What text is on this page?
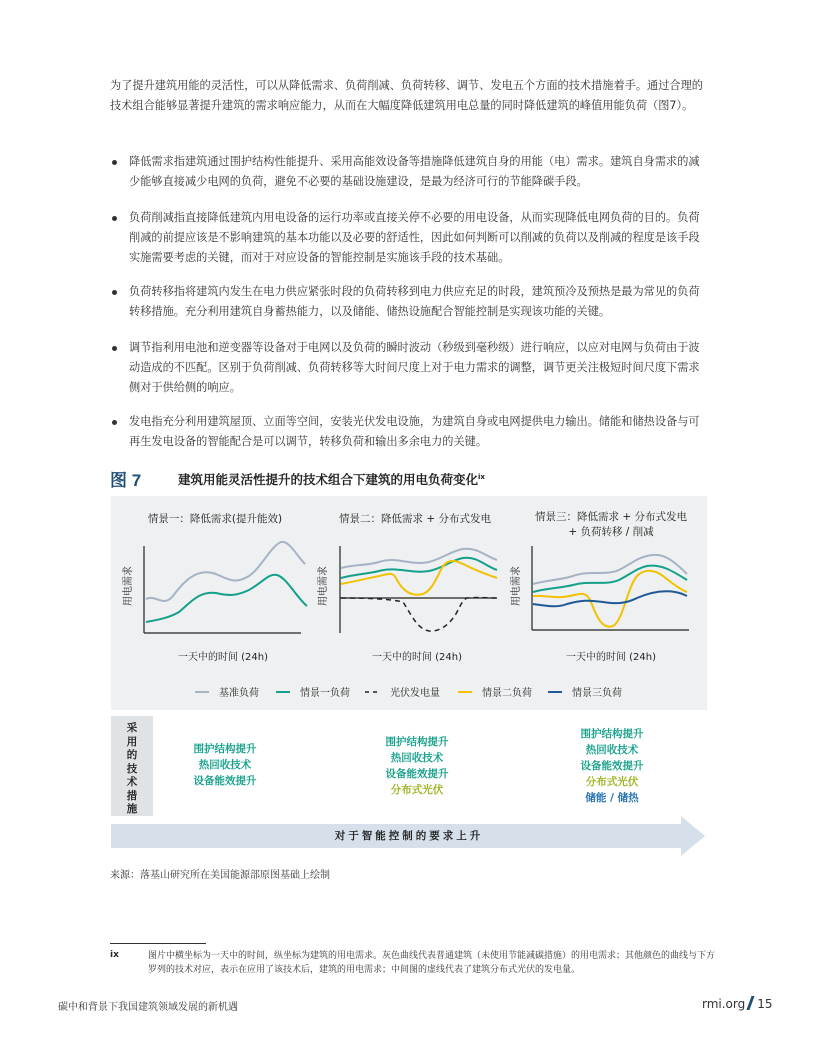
为了提升建筑用能的灵活性，可以从降低需求、负荷削减、负荷转移、调节、发电五个方面的技术措施着手。通过合理的技术组合能够显著提升建筑的需求响应能力，从而在大幅度降低建筑用电总量的同时降低建筑的峰值用能负荷（图7）。
降低需求指建筑通过围护结构性能提升、采用高能效设备等措施降低建筑自身的用能（电）需求。建筑自身需求的减少能够直接减少电网的负荷，避免不必要的基础设施建设，是最为经济可行的节能降碳手段。
负荷削减指直接降低建筑内用电设备的运行功率或直接关停不必要的用电设备，从而实现降低电网负荷的目的。负荷削减的前提应该是不影响建筑的基本功能以及必要的舒适性，因此如何判断可以削减的负荷以及削减的程度是该手段实施需要考虑的关键，而对于对应设备的智能控制是实施该手段的技术基础。
负荷转移指将建筑内发生在电力供应紧张时段的负荷转移到电力供应充足的时段，建筑预冷及预热是最为常见的负荷转移措施。充分利用建筑自身蓄热能力，以及储能、储热设施配合智能控制是实现该功能的关键。
调节指利用电池和逆变器等设备对于电网以及负荷的瞬时波动（秒级到毫秒级）进行响应，以应对电网与负荷由于波动造成的不匹配。区别于负荷削减、负荷转移等大时间尺度上对于电力需求的调整，调节更关注极短时间尺度下需求侧对于供给侧的响应。
发电指充分利用建筑屋顶、立面等空间，安装光伏发电设施，为建筑自身或电网提供电力输出。储能和储热设备与可再生发电设备的智能配合是可以调节，转移负荷和输出多余电力的关键。
图 7	建筑用能灵活性提升的技术组合下建筑的用电负荷变化$^{ix}$
情景一：降低需求(提升能效)
用电需求
一天中的时间 (24h)
情景二：降低需求 + 分布式发电
用电需求
一天中的时间 (24h)
情景三：降低需求 + 分布式发电
+ 负荷转移 / 削减
用电需求
一天中的时间 (24h)
基准负荷	情景一负荷	光伏发电量	情景二负荷	情景三负荷
采用的技术措施
围护结构提升
热回收技术
设备能效提升
围护结构提升
热回收技术
设备能效提升
分布式光伏
围护结构提升
热回收技术
设备能效提升
分布式光伏
储能 / 储热
对于智能控制的要求上升
来源：落基山研究所在美国能源部原图基础上绘制
ix	图片中横坐标为一天中的时间，纵坐标为建筑的用电需求。灰色曲线代表普通建筑（未使用节能减碳措施）的用电需求；其他颜色的曲线与下方罗列的技术对应，表示在应用了该技术后，建筑的用电需求；中间图的虚线代表了建筑分布式光伏的发电量。
碳中和背景下我国建筑领域发展的新机遇	rmi.org 15
